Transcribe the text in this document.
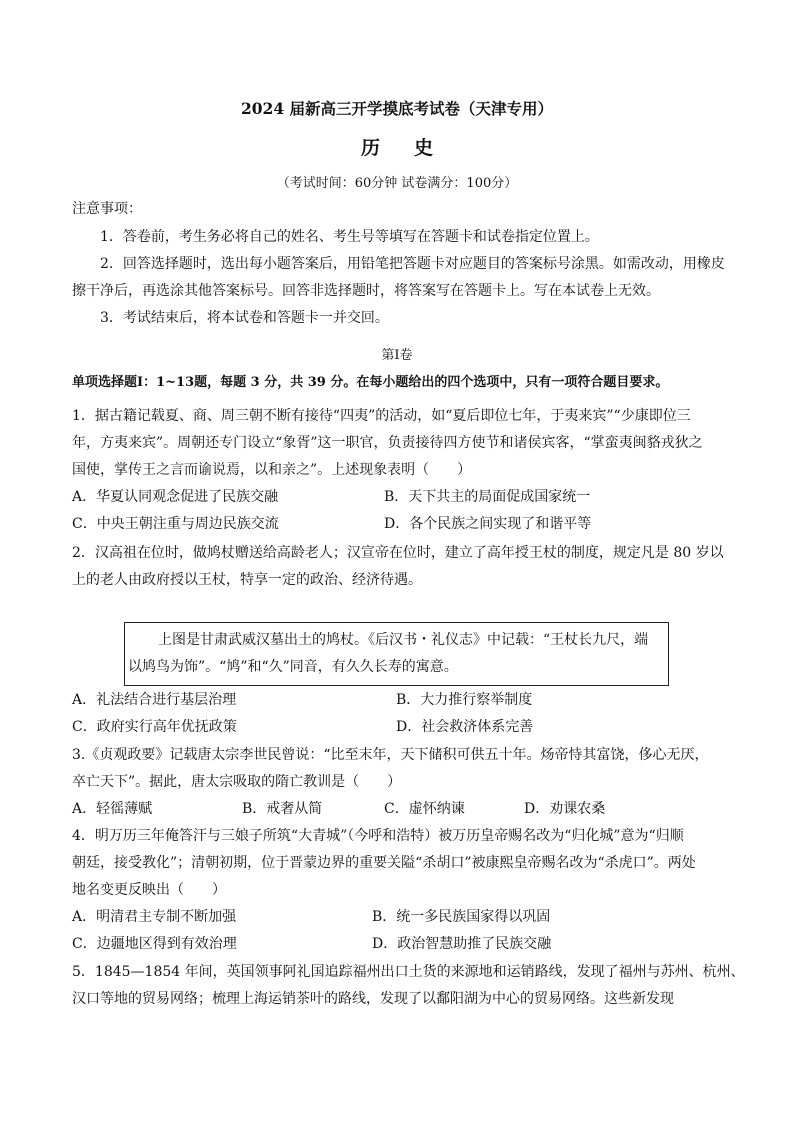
2024 届新高三开学摸底考试卷（天津专用）
历史
（考试时间：60分钟 试卷满分：100分）
注意事项：
1．答卷前，考生务必将自己的姓名、考生号等填写在答题卡和试卷指定位置上。
2．回答选择题时，选出每小题答案后，用铅笔把答题卡对应题目的答案标号涂黑。如需改动，用橡皮
擦干净后，再选涂其他答案标号。回答非选择题时，将答案写在答题卡上。写在本试卷上无效。
3．考试结束后，将本试卷和答题卡一并交回。
第Ⅰ卷
单项选择题Ⅰ：1~13题，每题 3 分，共 39 分。在每小题给出的四个选项中，只有一项符合题目要求。
1．据古籍记载夏、商、周三朝不断有接待“四夷”的活动，如“夏后即位七年，于夷来宾”“少康即位三
年，方夷来宾”。周朝还专门设立“象胥”这一职官，负责接待四方使节和诸侯宾客，“掌蛮夷闽貉戎狄之
国使，掌传王之言而谕说焉，以和亲之”。上述现象表明（　　）
A．华夏认同观念促进了民族交融	B．天下共主的局面促成国家统一
C．中央王朝注重与周边民族交流	D．各个民族之间实现了和谐平等
2．汉高祖在位时，做鸠杖赠送给高龄老人；汉宣帝在位时，建立了高年授王杖的制度，规定凡是 80 岁以
上的老人由政府授以王杖，特享一定的政治、经济待遇。
上图是甘肃武威汉墓出土的鸠杖。《后汉书・礼仪志》中记载：“王杖长九尺，端
以鸠鸟为饰”。“鸠”和“久”同音，有久久长寿的寓意。
A．礼法结合进行基层治理	B．大力推行察举制度
C．政府实行高年优抚政策	D．社会救济体系完善
3.《贞观政要》记载唐太宗李世民曾说：“比至末年，天下储积可供五十年。炀帝恃其富饶，侈心无厌，
卒亡天下”。据此，唐太宗吸取的隋亡教训是（　　）
A．轻徭薄赋	B．戒奢从简	C．虚怀纳谏	D．劝课农桑
4．明万历三年俺答汗与三娘子所筑“大青城”（今呼和浩特）被万历皇帝赐名改为“归化城”意为“归顺
朝廷，接受教化”；清朝初期，位于晋蒙边界的重要关隘“杀胡口”被康熙皇帝赐名改为“杀虎口”。两处
地名变更反映出（　　）
A．明清君主专制不断加强	B．统一多民族国家得以巩固
C．边疆地区得到有效治理	D．政治智慧助推了民族交融
5．1845—1854 年间，英国领事阿礼国追踪福州出口土货的来源地和运销路线，发现了福州与苏州、杭州、
汉口等地的贸易网络；梳理上海运销茶叶的路线，发现了以鄱阳湖为中心的贸易网络。这些新发现
